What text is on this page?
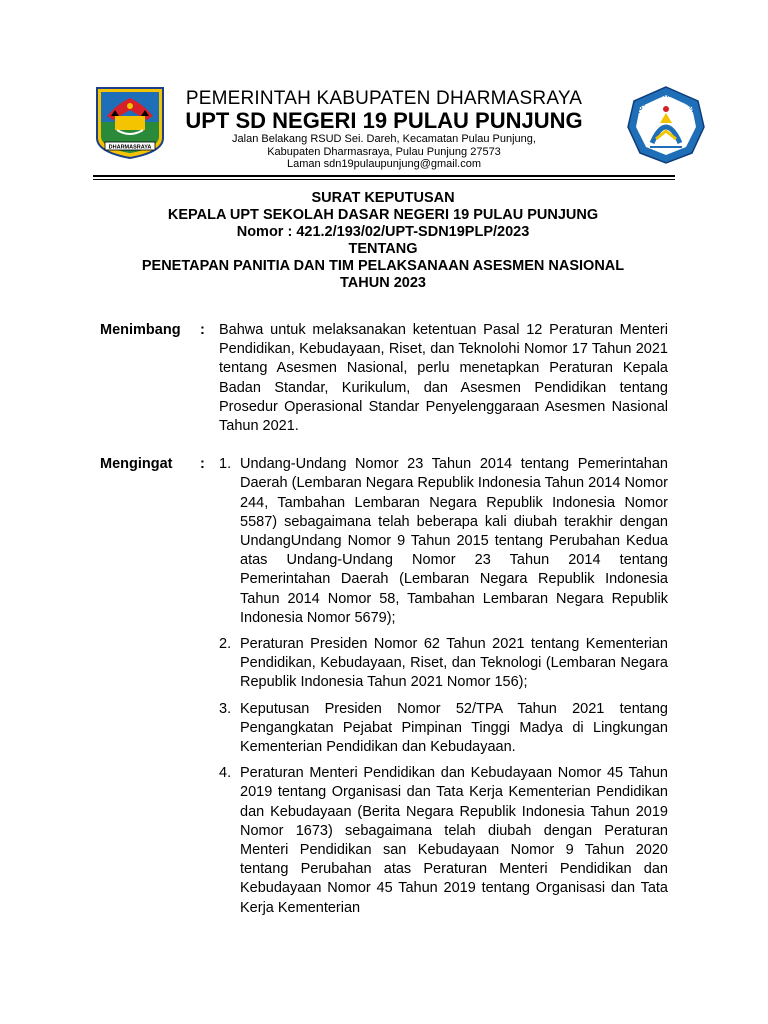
DHARMASRAYA
TUT WURI HANDAYANI
PEMERINTAH KABUPATEN DHARMASRAYA
UPT SD NEGERI 19 PULAU PUNJUNG
Jalan Belakang RSUD Sei. Dareh, Kecamatan Pulau Punjung,
Kabupaten Dharmasraya, Pulau Punjung 27573
Laman sdn19pulaupunjung@gmail.com
SURAT KEPUTUSAN
KEPALA UPT SEKOLAH DASAR NEGERI 19 PULAU PUNJUNG
Nomor : 421.2/193/02/UPT-SDN19PLP/2023
TENTANG
PENETAPAN PANITIA DAN TIM PELAKSANAAN ASESMEN NASIONAL
TAHUN 2023
Menimbang	: Bahwa untuk melaksanakan ketentuan Pasal 12 Peraturan Menteri Pendidikan, Kebudayaan, Riset, dan Teknolohi Nomor 17 Tahun 2021 tentang Asesmen Nasional, perlu menetapkan Peraturan Kepala Badan Standar, Kurikulum, dan Asesmen Pendidikan tentang Prosedur Operasional Standar Penyelenggaraan Asesmen Nasional Tahun 2021.
Mengingat	: 1. Undang-Undang Nomor 23 Tahun 2014 tentang Pemerintahan Daerah (Lembaran Negara Republik Indonesia Tahun 2014 Nomor 244, Tambahan Lembaran Negara Republik Indonesia Nomor 5587) sebagaimana telah beberapa kali diubah terakhir dengan UndangUndang Nomor 9 Tahun 2015 tentang Perubahan Kedua atas Undang-Undang Nomor 23 Tahun 2014 tentang Pemerintahan Daerah (Lembaran Negara Republik Indonesia Tahun 2014 Nomor 58, Tambahan Lembaran Negara Republik Indonesia Nomor 5679);
2. Peraturan Presiden Nomor 62 Tahun 2021 tentang Kementerian Pendidikan, Kebudayaan, Riset, dan Teknologi (Lembaran Negara Republik Indonesia Tahun 2021 Nomor 156);
3. Keputusan Presiden Nomor 52/TPA Tahun 2021 tentang Pengangkatan Pejabat Pimpinan Tinggi Madya di Lingkungan Kementerian Pendidikan dan Kebudayaan.
4. Peraturan Menteri Pendidikan dan Kebudayaan Nomor 45 Tahun 2019 tentang Organisasi dan Tata Kerja Kementerian Pendidikan dan Kebudayaan (Berita Negara Republik Indonesia Tahun 2019 Nomor 1673) sebagaimana telah diubah dengan Peraturan Menteri Pendidikan san Kebudayaan Nomor 9 Tahun 2020 tentang Perubahan atas Peraturan Menteri Pendidikan dan Kebudayaan Nomor 45 Tahun 2019 tentang Organisasi dan Tata Kerja Kementerian
